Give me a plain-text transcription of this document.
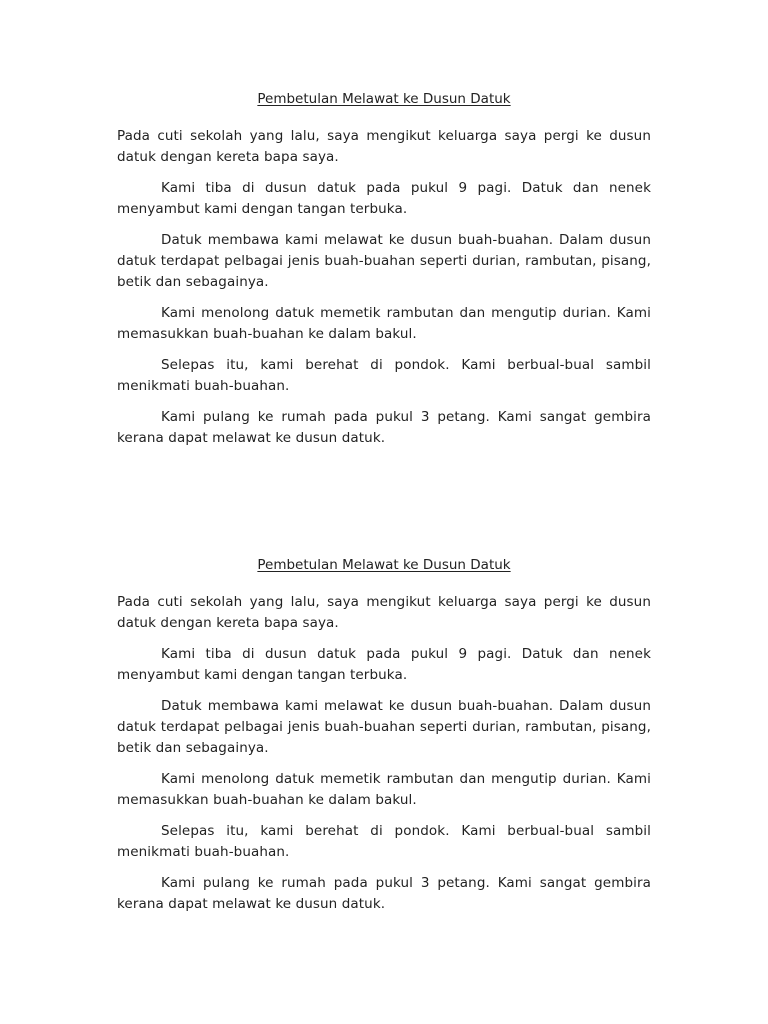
Pembetulan Melawat ke Dusun Datuk

Pada cuti sekolah yang lalu, saya mengikut keluarga saya pergi ke dusun datuk dengan kereta bapa saya.

Kami tiba di dusun datuk pada pukul 9 pagi. Datuk dan nenek menyambut kami dengan tangan terbuka.

Datuk membawa kami melawat ke dusun buah-buahan. Dalam dusun datuk terdapat pelbagai jenis buah-buahan seperti durian, rambutan, pisang, betik dan sebagainya.

Kami menolong datuk memetik rambutan dan mengutip durian. Kami memasukkan buah-buahan ke dalam bakul.

Selepas itu, kami berehat di pondok. Kami berbual-bual sambil menikmati buah-buahan.

Kami pulang ke rumah pada pukul 3 petang. Kami sangat gembira kerana dapat melawat ke dusun datuk.

Pembetulan Melawat ke Dusun Datuk

Pada cuti sekolah yang lalu, saya mengikut keluarga saya pergi ke dusun datuk dengan kereta bapa saya.

Kami tiba di dusun datuk pada pukul 9 pagi. Datuk dan nenek menyambut kami dengan tangan terbuka.

Datuk membawa kami melawat ke dusun buah-buahan. Dalam dusun datuk terdapat pelbagai jenis buah-buahan seperti durian, rambutan, pisang, betik dan sebagainya.

Kami menolong datuk memetik rambutan dan mengutip durian. Kami memasukkan buah-buahan ke dalam bakul.

Selepas itu, kami berehat di pondok. Kami berbual-bual sambil menikmati buah-buahan.

Kami pulang ke rumah pada pukul 3 petang. Kami sangat gembira kerana dapat melawat ke dusun datuk.
